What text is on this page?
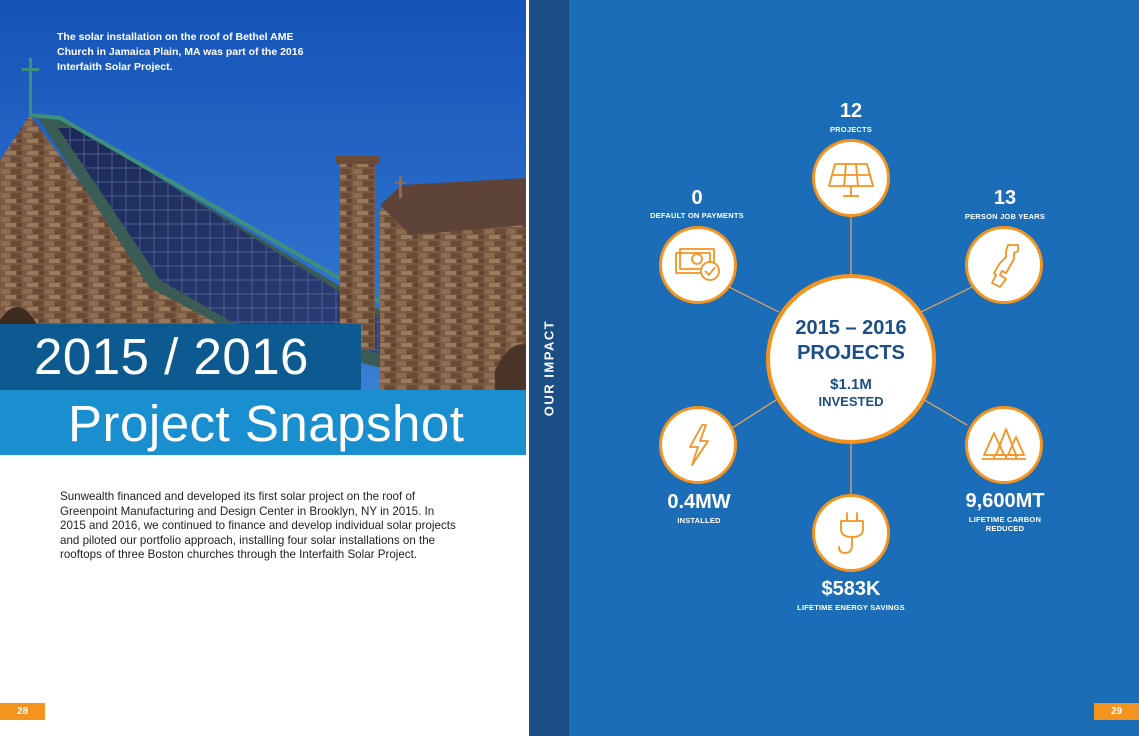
The solar installation on the roof of Bethel AME Church in Jamaica Plain, MA was part of the 2016 Interfaith Solar Project.
2015 / 2016
Project Snapshot

Sunwealth financed and developed its first solar project on the roof of Greenpoint Manufacturing and Design Center in Brooklyn, NY in 2015. In 2015 and 2016, we continued to finance and develop individual solar projects and piloted our portfolio approach, installing four solar installations on the rooftops of three Boston churches through the Interfaith Solar Project.

28
OUR IMPACT
12
PROJECTS
13
PERSON JOB YEARS
9,600MT
LIFETIME CARBON REDUCED
$583K
LIFETIME ENERGY SAVINGS
0.4MW
INSTALLED
0
DEFAULT ON PAYMENTS
2015 – 2016 PROJECTS
$1.1M
INVESTED
29
